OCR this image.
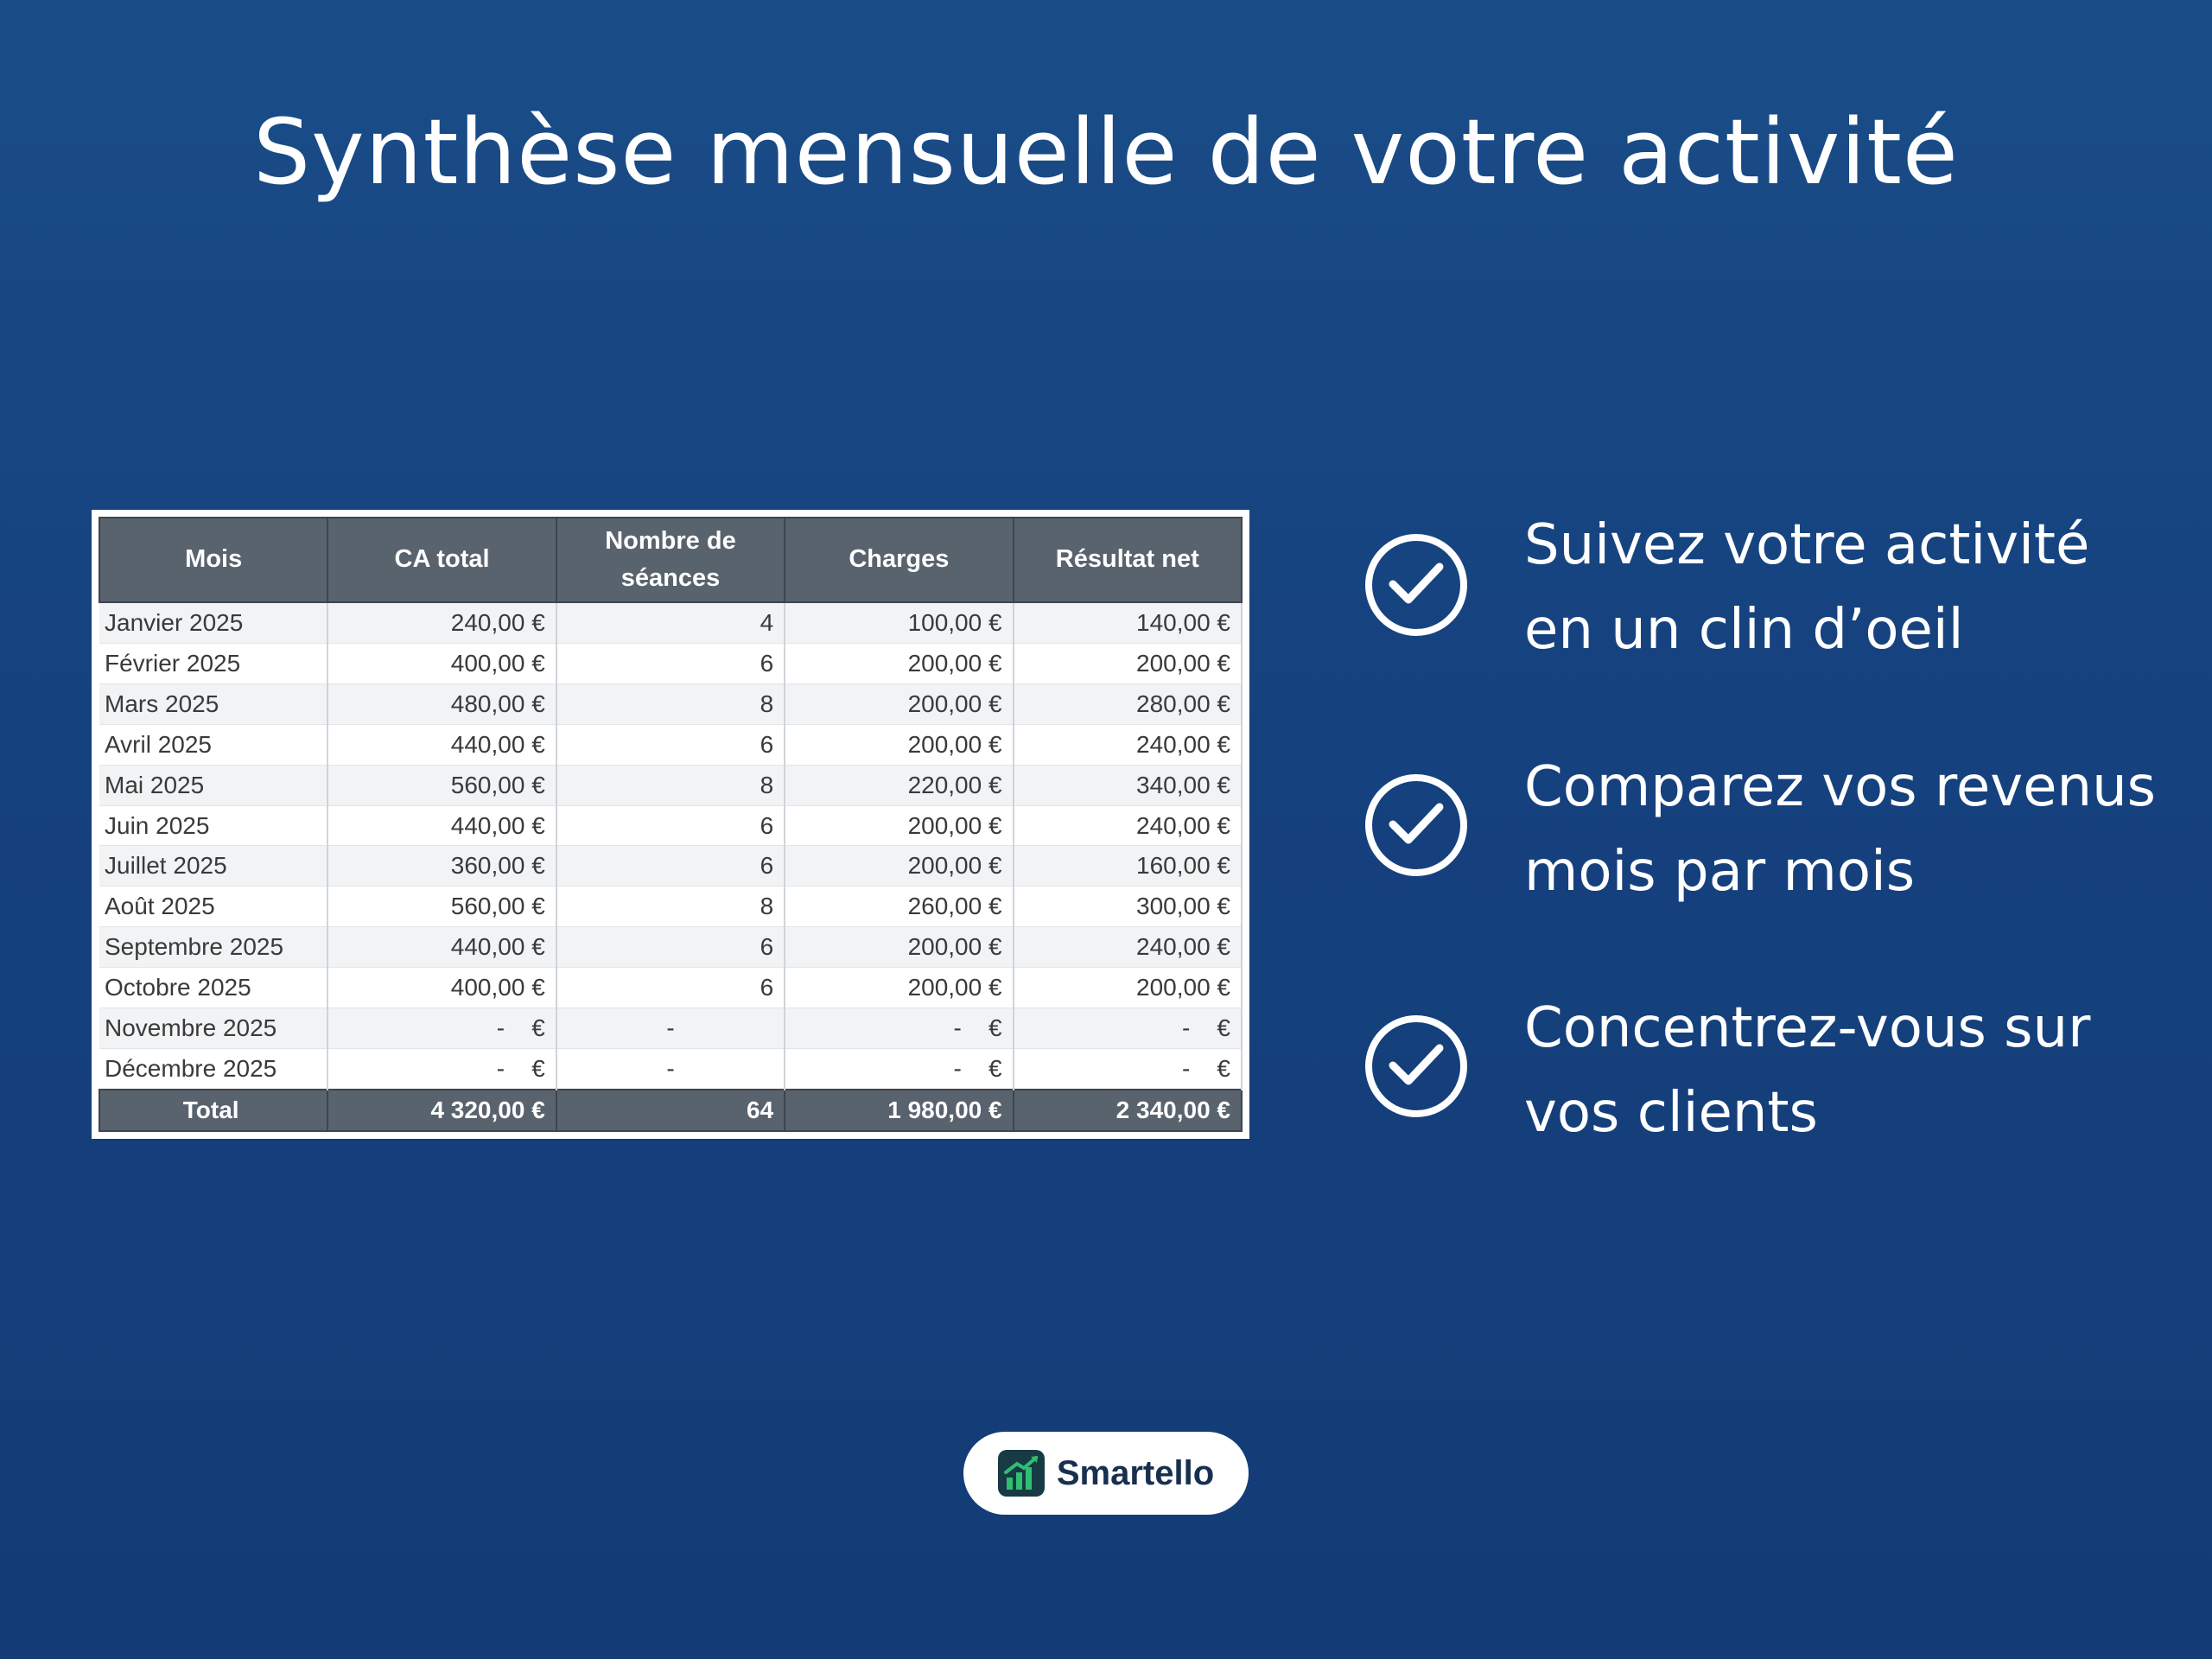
Synthèse mensuelle de votre activité
Mois	CA total	Nombre de séances	Charges	Résultat net
Janvier 2025	240,00 €	4	100,00 €	140,00 €
Février 2025	400,00 €	6	200,00 €	200,00 €
Mars 2025	480,00 €	8	200,00 €	280,00 €
Avril 2025	440,00 €	6	200,00 €	240,00 €
Mai 2025	560,00 €	8	220,00 €	340,00 €
Juin 2025	440,00 €	6	200,00 €	240,00 €
Juillet 2025	360,00 €	6	200,00 €	160,00 €
Août 2025	560,00 €	8	260,00 €	300,00 €
Septembre 2025	440,00 €	6	200,00 €	240,00 €
Octobre 2025	400,00 €	6	200,00 €	200,00 €
Novembre 2025	-    €	-	-    €	-    €
Décembre 2025	-    €	-	-    €	-    €
Total	4 320,00 €	64	1 980,00 €	2 340,00 €
Suivez votre activité
en un clin d’oeil
Comparez vos revenus
mois par mois
Concentrez-vous sur
vos clients
Smartello
